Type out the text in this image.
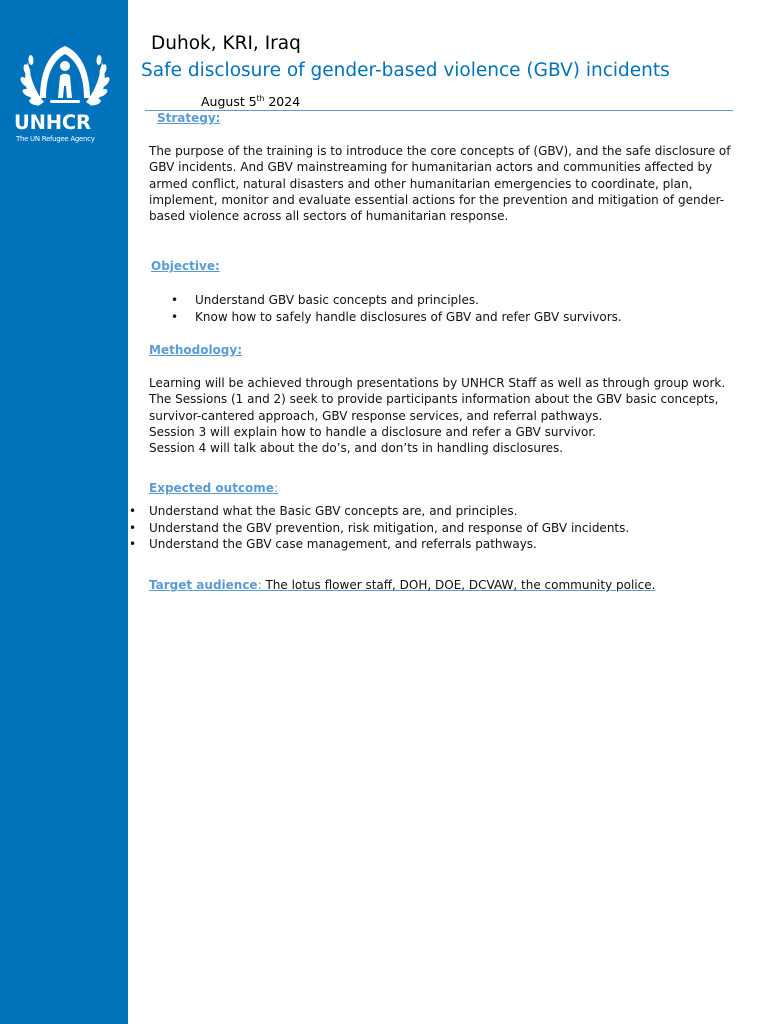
UNHCR
The UN Refugee Agency
Duhok, KRI, Iraq
Safe disclosure of gender-based violence (GBV) incidents
August 5th 2024
Strategy:
The purpose of the training is to introduce the core concepts of (GBV), and the safe disclosure of GBV incidents. And GBV mainstreaming for humanitarian actors and communities affected by armed conflict, natural disasters and other humanitarian emergencies to coordinate, plan, implement, monitor and evaluate essential actions for the prevention and mitigation of gender-based violence across all sectors of humanitarian response.
Objective:
• Understand GBV basic concepts and principles.
• Know how to safely handle disclosures of GBV and refer GBV survivors.
Methodology:
Learning will be achieved through presentations by UNHCR Staff as well as through group work. The Sessions (1 and 2) seek to provide participants information about the GBV basic concepts, survivor-cantered approach, GBV response services, and referral pathways.
Session 3 will explain how to handle a disclosure and refer a GBV survivor.
Session 4 will talk about the do’s, and don’ts in handling disclosures.
Expected outcome:
• Understand what the Basic GBV concepts are, and principles.
• Understand the GBV prevention, risk mitigation, and response of GBV incidents.
• Understand the GBV case management, and referrals pathways.
Target audience: The lotus flower staff, DOH, DOE, DCVAW, the community police.
